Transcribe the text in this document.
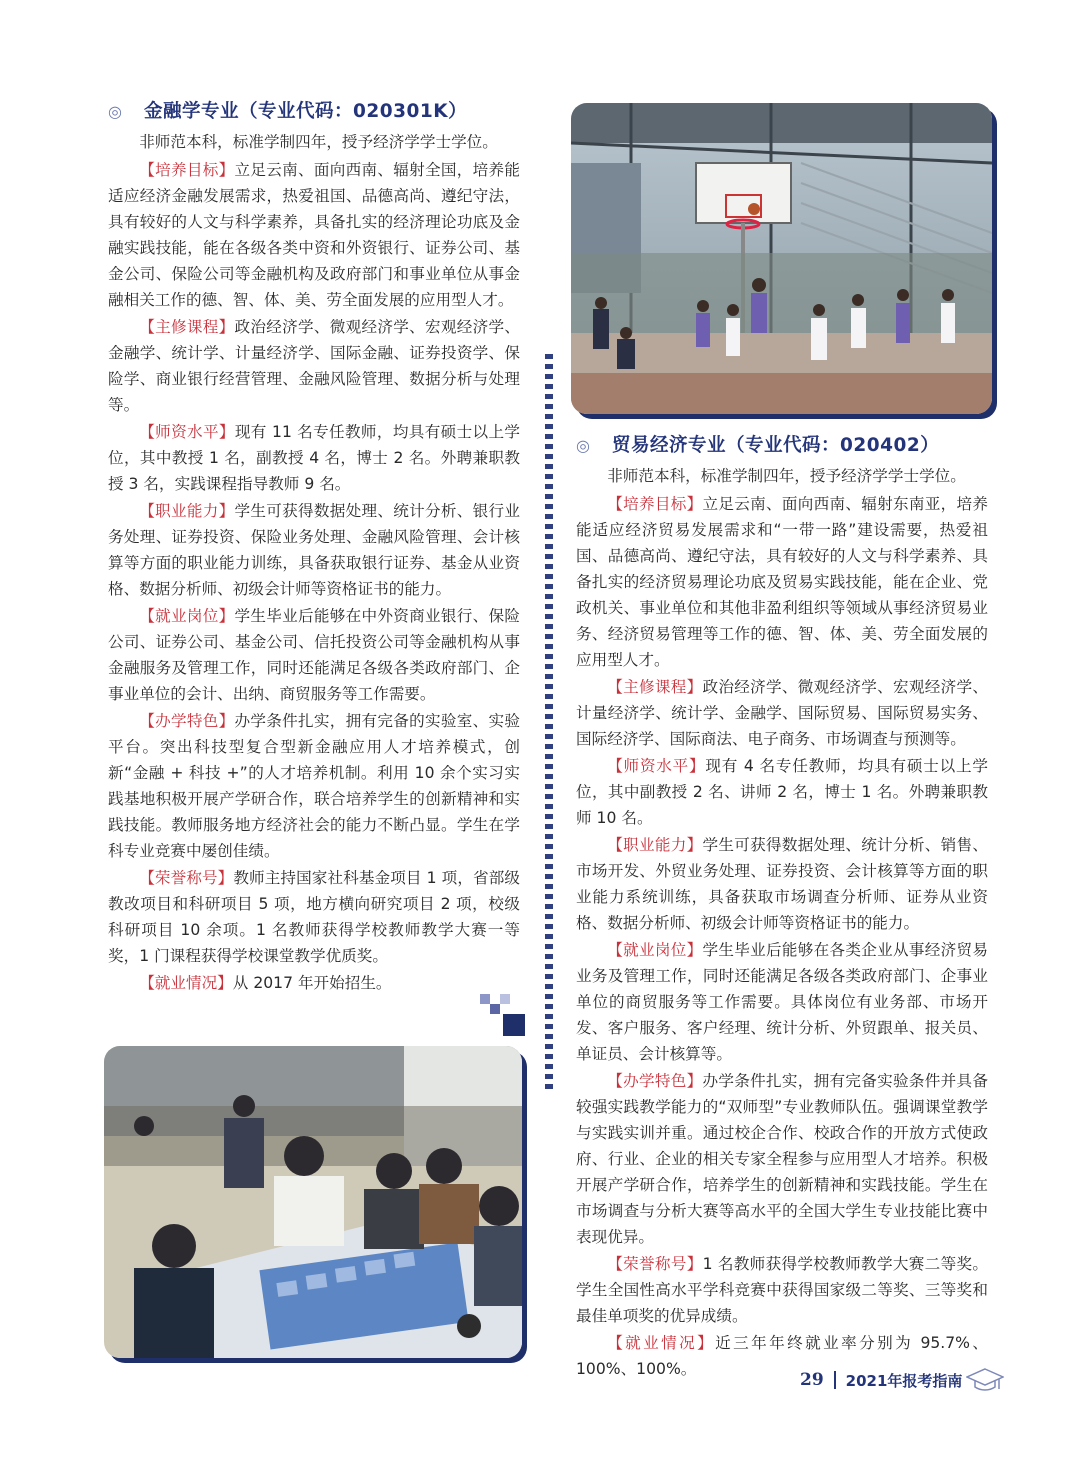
◎	金融学专业（专业代码：020301K）

非师范本科，标准学制四年，授予经济学学士学位。

【培养目标】立足云南、面向西南、辐射全国，培养能适应经济金融发展需求，热爱祖国、品德高尚、遵纪守法，具有较好的人文与科学素养，具备扎实的经济理论功底及金融实践技能，能在各级各类中资和外资银行、证券公司、基金公司、保险公司等金融机构及政府部门和事业单位从事金融相关工作的德、智、体、美、劳全面发展的应用型人才。

【主修课程】政治经济学、微观经济学、宏观经济学、金融学、统计学、计量经济学、国际金融、证券投资学、保险学、商业银行经营管理、金融风险管理、数据分析与处理等。

【师资水平】现有 11 名专任教师，均具有硕士以上学位，其中教授 1 名，副教授 4 名，博士 2 名。外聘兼职教授 3 名，实践课程指导教师 9 名。

【职业能力】学生可获得数据处理、统计分析、银行业务处理、证券投资、保险业务处理、金融风险管理、会计核算等方面的职业能力训练，具备获取银行证券、基金从业资格、数据分析师、初级会计师等资格证书的能力。

【就业岗位】学生毕业后能够在中外资商业银行、保险公司、证券公司、基金公司、信托投资公司等金融机构从事金融服务及管理工作，同时还能满足各级各类政府部门、企事业单位的会计、出纳、商贸服务等工作需要。

【办学特色】办学条件扎实，拥有完备的实验室、实验平台。突出科技型复合型新金融应用人才培养模式，创新“金融 + 科技 +”的人才培养机制。利用 10 余个实习实践基地积极开展产学研合作，联合培养学生的创新精神和实践技能。教师服务地方经济社会的能力不断凸显。学生在学科专业竞赛中屡创佳绩。

【荣誉称号】教师主持国家社科基金项目 1 项，省部级教改项目和科研项目 5 项，地方横向研究项目 2 项，校级科研项目 10 余项。1 名教师获得学校教师教学大赛一等奖，1 门课程获得学校课堂教学优质奖。

【就业情况】从 2017 年开始招生。

◎	贸易经济专业（专业代码：020402）

非师范本科，标准学制四年，授予经济学学士学位。

【培养目标】立足云南、面向西南、辐射东南亚，培养能适应经济贸易发展需求和“一带一路”建设需要，热爱祖国、品德高尚、遵纪守法，具有较好的人文与科学素养、具备扎实的经济贸易理论功底及贸易实践技能，能在企业、党政机关、事业单位和其他非盈利组织等领域从事经济贸易业务、经济贸易管理等工作的德、智、体、美、劳全面发展的应用型人才。

【主修课程】政治经济学、微观经济学、宏观经济学、计量经济学、统计学、金融学、国际贸易、国际贸易实务、国际经济学、国际商法、电子商务、市场调查与预测等。

【师资水平】现有 4 名专任教师，均具有硕士以上学位，其中副教授 2 名、讲师 2 名，博士 1 名。外聘兼职教师 10 名。

【职业能力】学生可获得数据处理、统计分析、销售、市场开发、外贸业务处理、证券投资、会计核算等方面的职业能力系统训练，具备获取市场调查分析师、证券从业资格、数据分析师、初级会计师等资格证书的能力。

【就业岗位】学生毕业后能够在各类企业从事经济贸易业务及管理工作，同时还能满足各级各类政府部门、企事业单位的商贸服务等工作需要。具体岗位有业务部、市场开发、客户服务、客户经理、统计分析、外贸跟单、报关员、单证员、会计核算等。

【办学特色】办学条件扎实，拥有完备实验条件并具备较强实践教学能力的“双师型”专业教师队伍。强调课堂教学与实践实训并重。通过校企合作、校政合作的开放方式使政府、行业、企业的相关专家全程参与应用型人才培养。积极开展产学研合作，培养学生的创新精神和实践技能。学生在市场调查与分析大赛等高水平的全国大学生专业技能比赛中表现优异。

【荣誉称号】1 名教师获得学校教师教学大赛二等奖。学生全国性高水平学科竞赛中获得国家级二等奖、三等奖和最佳单项奖的优异成绩。

【就业情况】近三年年终就业率分别为 95.7%、100%、100%。

29 2021年报考指南
